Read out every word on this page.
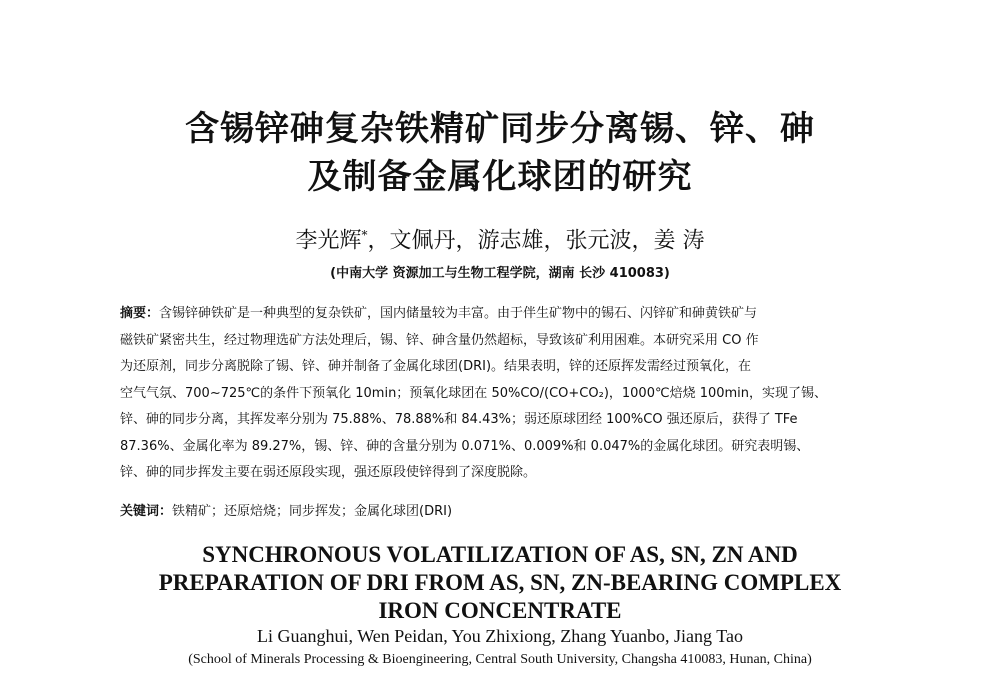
含锡锌砷复杂铁精矿同步分离锡、锌、砷
及制备金属化球团的研究
李光辉*，文佩丹，游志雄，张元波，姜 涛
(中南大学 资源加工与生物工程学院，湖南 长沙 410083)
摘要：含锡锌砷铁矿是一种典型的复杂铁矿，国内储量较为丰富。由于伴生矿物中的锡石、闪锌矿和砷黄铁矿与
磁铁矿紧密共生，经过物理选矿方法处理后，锡、锌、砷含量仍然超标，导致该矿利用困难。本研究采用 CO 作
为还原剂，同步分离脱除了锡、锌、砷并制备了金属化球团(DRI)。结果表明，锌的还原挥发需经过预氧化，在
空气气氛、700~725℃的条件下预氧化 10min；预氧化球团在 50%CO/(CO+CO₂)，1000℃焙烧 100min，实现了锡、
锌、砷的同步分离，其挥发率分别为 75.88%、78.88%和 84.43%；弱还原球团经 100%CO 强还原后，获得了 TFe
87.36%、金属化率为 89.27%，锡、锌、砷的含量分别为 0.071%、0.009%和 0.047%的金属化球团。研究表明锡、
锌、砷的同步挥发主要在弱还原段实现，强还原段使锌得到了深度脱除。
关键词：铁精矿；还原焙烧；同步挥发；金属化球团(DRI)
SYNCHRONOUS VOLATILIZATION OF AS, SN, ZN AND
PREPARATION OF DRI FROM AS, SN, ZN-BEARING COMPLEX
IRON CONCENTRATE
Li Guanghui, Wen Peidan, You Zhixiong, Zhang Yuanbo, Jiang Tao
(School of Minerals Processing & Bioengineering, Central South University, Changsha 410083, Hunan, China)
